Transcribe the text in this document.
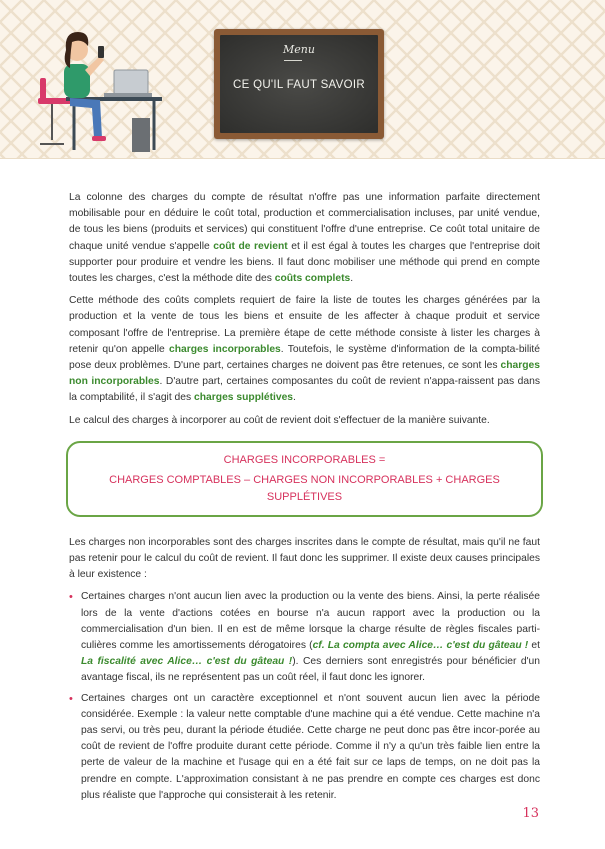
Menu
CE QU'IL FAUT SAVOIR

La colonne des charges du compte de résultat n'offre pas une information parfaite directement mobilisable pour en déduire le coût total, production et commercialisation incluses, par unité vendue, de tous les biens (produits et services) qui constituent l'offre d'une entreprise. Ce coût total unitaire de chaque unité vendue s'appelle coût de revient et il est égal à toutes les charges que l'entreprise doit supporter pour produire et vendre les biens. Il faut donc mobiliser une méthode qui prend en compte toutes les charges, c'est la méthode dite des coûts complets.

Cette méthode des coûts complets requiert de faire la liste de toutes les charges générées par la production et la vente de tous les biens et ensuite de les affecter à chaque produit et service composant l'offre de l'entreprise. La première étape de cette méthode consiste à lister les charges à retenir qu'on appelle charges incorporables. Toutefois, le système d'information de la compta-bilité pose deux problèmes. D'une part, certaines charges ne doivent pas être retenues, ce sont les charges non incorporables. D'autre part, certaines composantes du coût de revient n'appa-raissent pas dans la comptabilité, il s'agit des charges supplétives.

Le calcul des charges à incorporer au coût de revient doit s'effectuer de la manière suivante.

CHARGES INCORPORABLES =
CHARGES COMPTABLES – CHARGES NON INCORPORABLES + CHARGES SUPPLÉTIVES

Les charges non incorporables sont des charges inscrites dans le compte de résultat, mais qu'il ne faut pas retenir pour le calcul du coût de revient. Il faut donc les supprimer. Il existe deux causes principales à leur existence :

• Certaines charges n'ont aucun lien avec la production ou la vente des biens. Ainsi, la perte réalisée lors de la vente d'actions cotées en bourse n'a aucun rapport avec la production ou la commercialisation d'un bien. Il en est de même lorsque la charge résulte de règles fiscales parti-culières comme les amortissements dérogatoires (cf. La compta avec Alice… c'est du gâteau ! et La fiscalité avec Alice… c'est du gâteau !). Ces derniers sont enregistrés pour bénéficier d'un avantage fiscal, ils ne représentent pas un coût réel, il faut donc les ignorer.
• Certaines charges ont un caractère exceptionnel et n'ont souvent aucun lien avec la période considérée. Exemple : la valeur nette comptable d'une machine qui a été vendue. Cette machine n'a pas servi, ou très peu, durant la période étudiée. Cette charge ne peut donc pas être incor-porée au coût de revient de l'offre produite durant cette période. Comme il n'y a qu'un très faible lien entre la perte de valeur de la machine et l'usage qui en a été fait sur ce laps de temps, on ne doit pas la prendre en compte. L'approximation consistant à ne pas prendre en compte ces charges est donc plus réaliste que l'approche qui consisterait à les retenir.
13
